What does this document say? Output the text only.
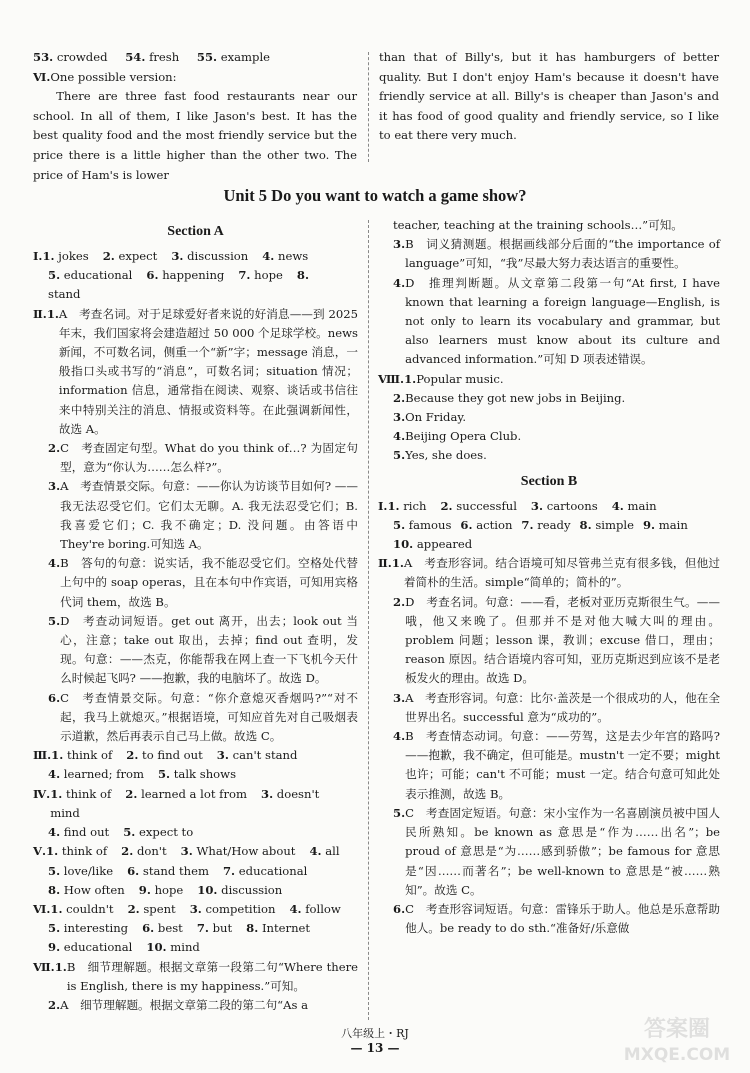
53. crowded 54. fresh 55. example
Ⅵ.One possible version:
There are three fast food restaurants near our school. In all of them, I like Jason's best. It has the best quality food and the most friendly service but the price there is a little higher than the other two. The price of Ham's is lower
than that of Billy's, but it has hamburgers of better quality. But I don't enjoy Ham's because it doesn't have friendly service at all. Billy's is cheaper than Jason's and it has food of good quality and friendly service, so I like to eat there very much.
Unit 5 Do you want to watch a game show?
Section A
Ⅰ. 1. jokes 2. expect 3. discussion 4. news
5. educational 6. happening 7. hope 8. stand
Ⅱ. 1. A　考查名词。对于足球爱好者来说的好消息——到 2025 年末，我们国家将会建造超过 50 000 个足球学校。news 新闻，不可数名词，侧重一个“新”字；message 消息，一般指口头或书写的“消息”，可数名词；situation 情况；information 信息，通常指在阅读、观察、谈话或书信往来中特别关注的消息、情报或资料等。在此强调新闻性，故选 A。
2. C　考查固定句型。What do you think of…? 为固定句型，意为“你认为……怎么样?”。
3. A　考查情景交际。句意：——你认为访谈节目如何? ——我无法忍受它们。它们太无聊。A. 我无法忍受它们；B. 我喜爱它们；C. 我不确定；D. 没问题。由答语中 They're boring.可知选 A。
4. B　答句的句意：说实话，我不能忍受它们。空格处代替上句中的 soap operas，且在本句中作宾语，可知用宾格代词 them，故选 B。
5. D　考查动词短语。get out 离开，出去；look out 当心，注意；take out 取出，去掉；find out 查明，发现。句意：——杰克，你能帮我在网上查一下飞机今天什么时候起飞吗? ——抱歉，我的电脑坏了。故选 D。
6. C　考查情景交际。句意：“你介意熄灭香烟吗?”“对不起，我马上就熄灭。”根据语境，可知应首先对自己吸烟表示道歉，然后再表示自己马上做。故选 C。
Ⅲ. 1. think of 2. to find out 3. can't stand
4. learned; from 5. talk shows
Ⅳ. 1. think of 2. learned a lot from 3. doesn't mind
4. find out 5. expect to
Ⅴ. 1. think of 2. don't 3. What/How about 4. all
5. love/like 6. stand them 7. educational
8. How often 9. hope 10. discussion
Ⅵ. 1. couldn't 2. spent 3. competition 4. follow
5. interesting 6. best 7. but 8. Internet
9. educational 10. mind
Ⅶ. 1. B　细节理解题。根据文章第一段第二句“Where there is English, there is my happiness.”可知。
2. A　细节理解题。根据文章第二段的第二句“As a
teacher, teaching at the training schools…”可知。
3. B　词义猜测题。根据画线部分后面的“the importance of language”可知，“我”尽最大努力表达语言的重要性。
4. D　推理判断题。从文章第二段第一句“At first, I have known that learning a foreign language—English, is not only to learn its vocabulary and grammar, but also learners must know about its culture and advanced information.”可知 D 项表述错误。
Ⅷ. 1. Popular music.
2. Because they got new jobs in Beijing.
3. On Friday.
4. Beijing Opera Club.
5. Yes, she does.
Section B
Ⅰ. 1. rich 2. successful 3. cartoons 4. main
5. famous 6. action 7. ready 8. simple 9. main
10. appeared
Ⅱ. 1. A　考查形容词。结合语境可知尽管弗兰克有很多钱，但他过着简朴的生活。simple“简单的；简朴的”。
2. D　考查名词。句意：——看，老板对亚历克斯很生气。——哦，他又来晚了。但那并不是对他大喊大叫的理由。problem 问题；lesson 课，教训；excuse 借口，理由；reason 原因。结合语境内容可知，亚历克斯迟到应该不是老板发火的理由。故选 D。
3. A　考查形容词。句意：比尔·盖茨是一个很成功的人，他在全世界出名。successful 意为“成功的”。
4. B　考查情态动词。句意：——劳驾，这是去少年宫的路吗? ——抱歉，我不确定，但可能是。mustn't 一定不要；might 也许；可能；can't 不可能；must 一定。结合句意可知此处表示推测，故选 B。
5. C　考查固定短语。句意：宋小宝作为一名喜剧演员被中国人民所熟知。be known as 意思是“作为……出名”；be proud of 意思是“为……感到骄傲”；be famous for 意思是“因……而著名”；be well-known to 意思是“被……熟知”。故选 C。
6. C　考查形容词短语。句意：雷锋乐于助人。他总是乐意帮助他人。be ready to do sth.“准备好/乐意做
八年级上・RJ
— 13 —
答案圈
MXQE.COM
